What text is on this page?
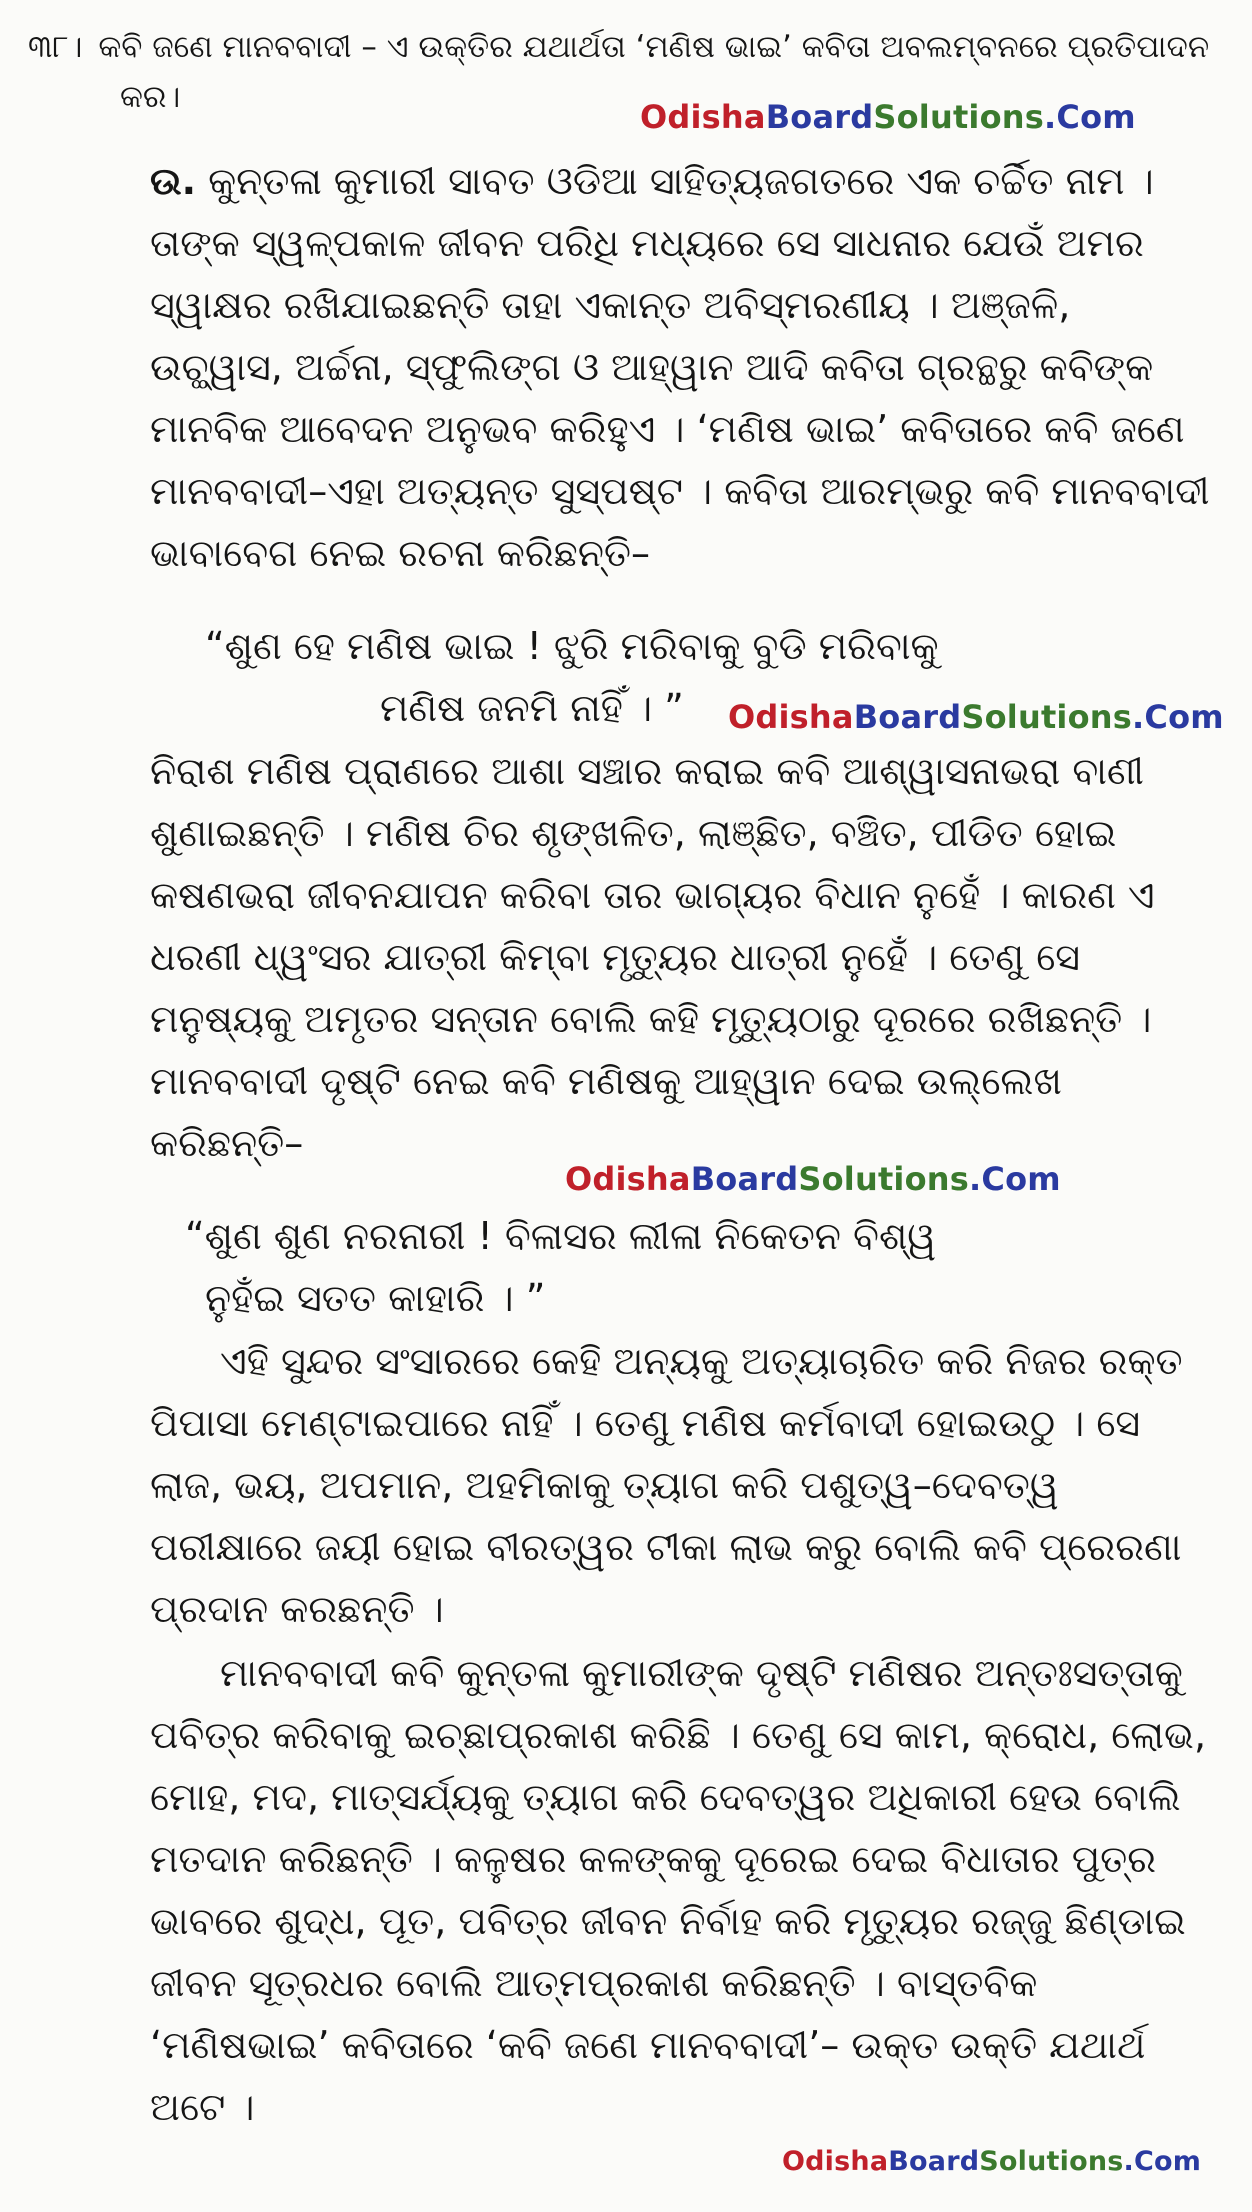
୩୮। କବି ଜଣେ ମାନବବାଦୀ – ଏ ଉକ୍ତିର ଯଥାର୍ଥତା ‘ମଣିଷ ଭାଇ’ କବିତା ଅବଲମ୍ବନରେ ପ୍ରତିପାଦନ
କର।
OdishaBoardSolutions.Com

ଉ. କୁନ୍ତଳା କୁମାରୀ ସାବତ ଓଡିଆ ସାହିତ୍ୟଜଗତରେ ଏକ ଚର୍ଚ୍ଚିତ ନାମ । ତାଙ୍କ ସ୍ୱଳ୍ପକାଳ ଜୀବନ ପରିଧି ମଧ୍ୟରେ ସେ ସାଧନାର ଯେଉଁ ଅମର ସ୍ୱାକ୍ଷର ରଖିଯାଇଛନ୍ତି ତାହା ଏକାନ୍ତ ଅବିସ୍ମରଣୀୟ । ଅଞ୍ଜଳି, ଉଚ୍ଛ୍ୱାସ, ଅର୍ଚ୍ଚନା, ସ୍ଫୁଲିଙ୍ଗ ଓ ଆହ୍ୱାନ ଆଦି କବିତା ଗ୍ରନ୍ଥରୁ କବିଙ୍କ ମାନବିକ ଆବେଦନ ଅନୁଭବ କରିହୁଏ । ‘ମଣିଷ ଭାଇ’ କବିତାରେ କବି ଜଣେ ମାନବବାଦୀ–ଏହା ଅତ୍ୟନ୍ତ ସୁସ୍ପଷ୍ଟ । କବିତା ଆରମ୍ଭରୁ କବି ମାନବବାଦୀ ଭାବାବେଗ ନେଇ ରଚନା କରିଛନ୍ତି–

“ଶୁଣ ହେ ମଣିଷ ଭାଇ ! ଝୁରି ମରିବାକୁ ବୁଡି ମରିବାକୁ
ମଣିଷ ଜନମି ନାହିଁ । ” OdishaBoardSolutions.Com
ନିରାଶ ମଣିଷ ପ୍ରାଣରେ ଆଶା ସଞ୍ଚାର କରାଇ କବି ଆଶ୍ୱାସନାଭରା ବାଣୀ ଶୁଣାଇଛନ୍ତି । ମଣିଷ ଚିର ଶୃଙ୍ଖଳିତ, ଲାଞ୍ଛିତ, ବଞ୍ଚିତ, ପୀଡିତ ହୋଇ କଷଣଭରା ଜୀବନଯାପନ କରିବା ତାର ଭାଗ୍ୟର ବିଧାନ ନୁହେଁ । କାରଣ ଏ ଧରଣୀ ଧ୍ୱଂସର ଯାତ୍ରୀ କିମ୍ବା ମୃତ୍ୟୁର ଧାତ୍ରୀ ନୁହେଁ । ତେଣୁ ସେ ମନୁଷ୍ୟକୁ ଅମୃତର ସନ୍ତାନ ବୋଲି କହି ମୃତ୍ୟୁଠାରୁ ଦୂରରେ ରଖିଛନ୍ତି । ମାନବବାଦୀ ଦୃଷ୍ଟି ନେଇ କବି ମଣିଷକୁ ଆହ୍ୱାନ ଦେଇ ଉଲ୍ଲେଖ କରିଛନ୍ତି–
OdishaBoardSolutions.Com
“ଶୁଣ ଶୁଣ ନରନାରୀ ! ବିଳାସର ଲୀଳା ନିକେତନ ବିଶ୍ୱ
ନୁହଁଇ ସତତ କାହାରି । ”
ଏହି ସୁନ୍ଦର ସଂସାରରେ କେହି ଅନ୍ୟକୁ ଅତ୍ୟାଚାରିତ କରି ନିଜର ରକ୍ତ ପିପାସା ମେଣ୍ଟାଇପାରେ ନାହିଁ । ତେଣୁ ମଣିଷ କର୍ମବାଦୀ ହୋଇଉଠୁ । ସେ ଲାଜ, ଭୟ, ଅପମାନ, ଅହମିକାକୁ ତ୍ୟାଗ କରି ପଶୁତ୍ୱ–ଦେବତ୍ୱ ପରୀକ୍ଷାରେ ଜୟୀ ହୋଇ ବୀରତ୍ୱର ଟୀକା ଲାଭ କରୁ ବୋଲି କବି ପ୍ରେରଣା ପ୍ରଦାନ କରଛନ୍ତି ।
ମାନବବାଦୀ କବି କୁନ୍ତଳା କୁମାରୀଙ୍କ ଦୃଷ୍ଟି ମଣିଷର ଅନ୍ତଃସତ୍ତାକୁ ପବିତ୍ର କରିବାକୁ ଇଚ୍ଛାପ୍ରକାଶ କରିଛି । ତେଣୁ ସେ କାମ, କ୍ରୋଧ, ଲୋଭ, ମୋହ, ମଦ, ମାତ୍ସର୍ଯ୍ୟକୁ ତ୍ୟାଗ କରି ଦେବତ୍ୱର ଅଧିକାରୀ ହେଉ ବୋଲି ମତଦାନ କରିଛନ୍ତି । କଳୁଷର କଳଙ୍କକୁ ଦୂରେଇ ଦେଇ ବିଧାତାର ପୁତ୍ର ଭାବରେ ଶୁଦ୍ଧ, ପୂତ, ପବିତ୍ର ଜୀବନ ନିର୍ବାହ କରି ମୃତ୍ୟୁର ରଜ୍ଜୁ ଛିଣ୍ଡାଇ ଜୀବନ ସୂତ୍ରଧର ବୋଲି ଆତ୍ମପ୍ରକାଶ କରିଛନ୍ତି । ବାସ୍ତବିକ ‘ମଣିଷଭାଇ’ କବିତାରେ ‘କବି ଜଣେ ମାନବବାଦୀ’– ଉକ୍ତ ଉକ୍ତି ଯଥାର୍ଥ ଅଟେ ।
OdishaBoardSolutions.Com
